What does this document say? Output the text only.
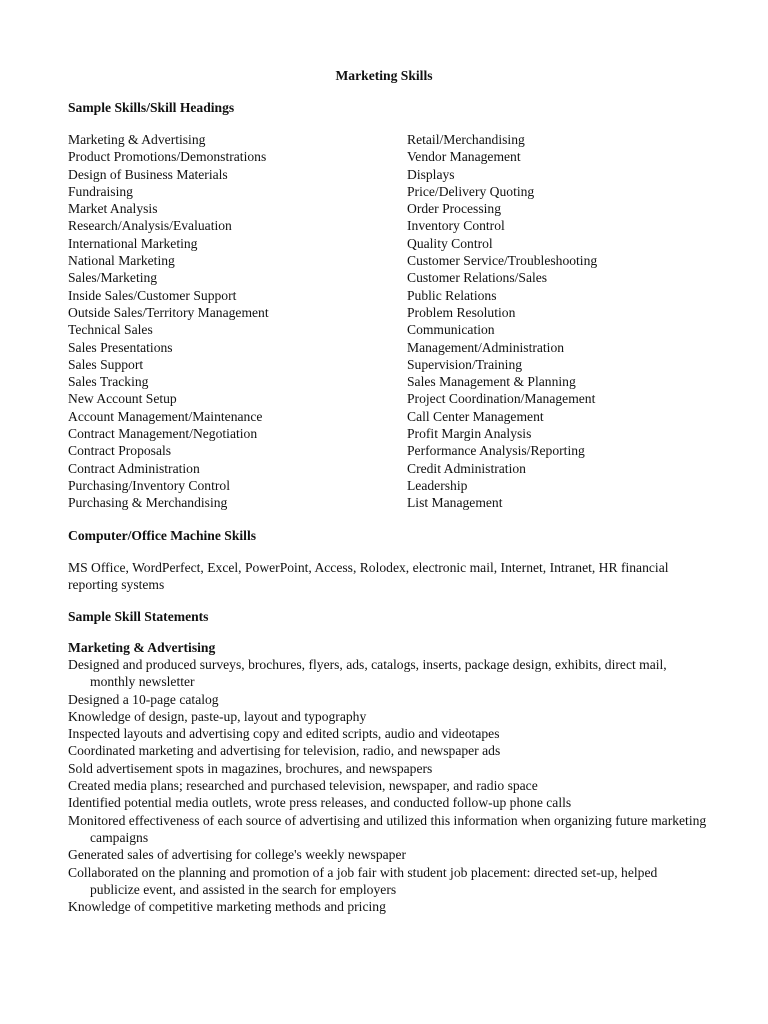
Marketing Skills
Sample Skills/Skill Headings
Marketing & Advertising
Product Promotions/Demonstrations
Design of Business Materials
Fundraising
Market Analysis
Research/Analysis/Evaluation
International Marketing
National Marketing
Sales/Marketing
Inside Sales/Customer Support
Outside Sales/Territory Management
Technical Sales
Sales Presentations
Sales Support
Sales Tracking
New Account Setup
Account Management/Maintenance
Contract Management/Negotiation
Contract Proposals
Contract Administration
Purchasing/Inventory Control
Purchasing & Merchandising
Retail/Merchandising
Vendor Management
Displays
Price/Delivery Quoting
Order Processing
Inventory Control
Quality Control
Customer Service/Troubleshooting
Customer Relations/Sales
Public Relations
Problem Resolution
Communication
Management/Administration
Supervision/Training
Sales Management & Planning
Project Coordination/Management
Call Center Management
Profit Margin Analysis
Performance Analysis/Reporting
Credit Administration
Leadership
List Management
Computer/Office Machine Skills

MS Office, WordPerfect, Excel, PowerPoint, Access, Rolodex, electronic mail, Internet, Intranet, HR financial reporting systems

Sample Skill Statements
Marketing & Advertising
Designed and produced surveys, brochures, flyers, ads, catalogs, inserts, package design, exhibits, direct mail, monthly newsletter
Designed a 10-page catalog
Knowledge of design, paste-up, layout and typography
Inspected layouts and advertising copy and edited scripts, audio and videotapes
Coordinated marketing and advertising for television, radio, and newspaper ads
Sold advertisement spots in magazines, brochures, and newspapers
Created media plans; researched and purchased television, newspaper, and radio space
Identified potential media outlets, wrote press releases, and conducted follow-up phone calls
Monitored effectiveness of each source of advertising and utilized this information when organizing future marketing campaigns
Generated sales of advertising for college's weekly newspaper
Collaborated on the planning and promotion of a job fair with student job placement: directed set-up, helped publicize event, and assisted in the search for employers
Knowledge of competitive marketing methods and pricing
